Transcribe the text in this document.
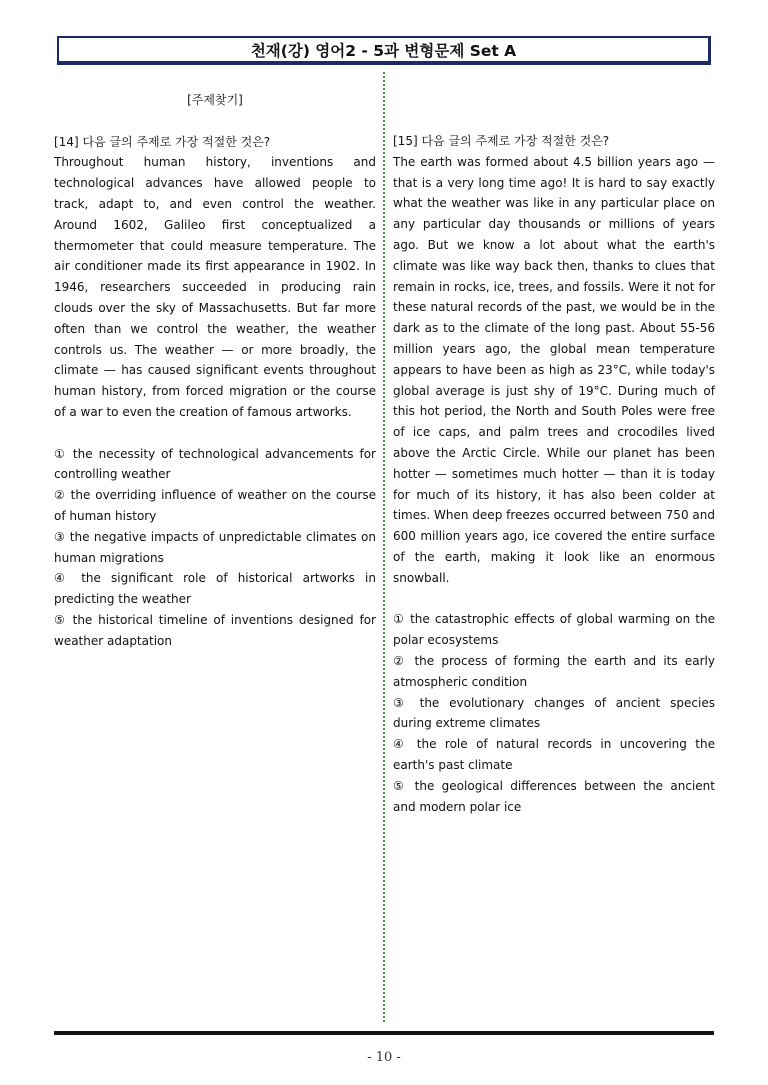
천재(강) 영어2 - 5과 변형문제 Set A
[주제찾기]
[14] 다음 글의 주제로 가장 적절한 것은?

Throughout human history, inventions and technological advances have allowed people to track, adapt to, and even control the weather. Around 1602, Galileo first conceptualized a thermometer that could measure temperature. The air conditioner made its first appearance in 1902. In 1946, researchers succeeded in producing rain clouds over the sky of Massachusetts. But far more often than we control the weather, the weather controls us. The weather — or more broadly, the climate — has caused significant events throughout human history, from forced migration or the course of a war to even the creation of famous artworks.

① the necessity of technological advancements for controlling weather

② the overriding influence of weather on the course of human history

③ the negative impacts of unpredictable climates on human migrations

④ the significant role of historical artworks in predicting the weather

⑤ the historical timeline of inventions designed for weather adaptation

[15] 다음 글의 주제로 가장 적절한 것은?

The earth was formed about 4.5 billion years ago — that is a very long time ago! It is hard to say exactly what the weather was like in any particular place on any particular day thousands or millions of years ago. But we know a lot about what the earth's climate was like way back then, thanks to clues that remain in rocks, ice, trees, and fossils. Were it not for these natural records of the past, we would be in the dark as to the climate of the long past. About 55-56 million years ago, the global mean temperature appears to have been as high as 23°C, while today's global average is just shy of 19°C. During much of this hot period, the North and South Poles were free of ice caps, and palm trees and crocodiles lived above the Arctic Circle. While our planet has been hotter — sometimes much hotter — than it is today for much of its history, it has also been colder at times. When deep freezes occurred between 750 and 600 million years ago, ice covered the entire surface of the earth, making it look like an enormous snowball.

① the catastrophic effects of global warming on the polar ecosystems

② the process of forming the earth and its early atmospheric condition

③ the evolutionary changes of ancient species during extreme climates

④ the role of natural records in uncovering the earth's past climate

⑤ the geological differences between the ancient and modern polar ice

- 10 -
